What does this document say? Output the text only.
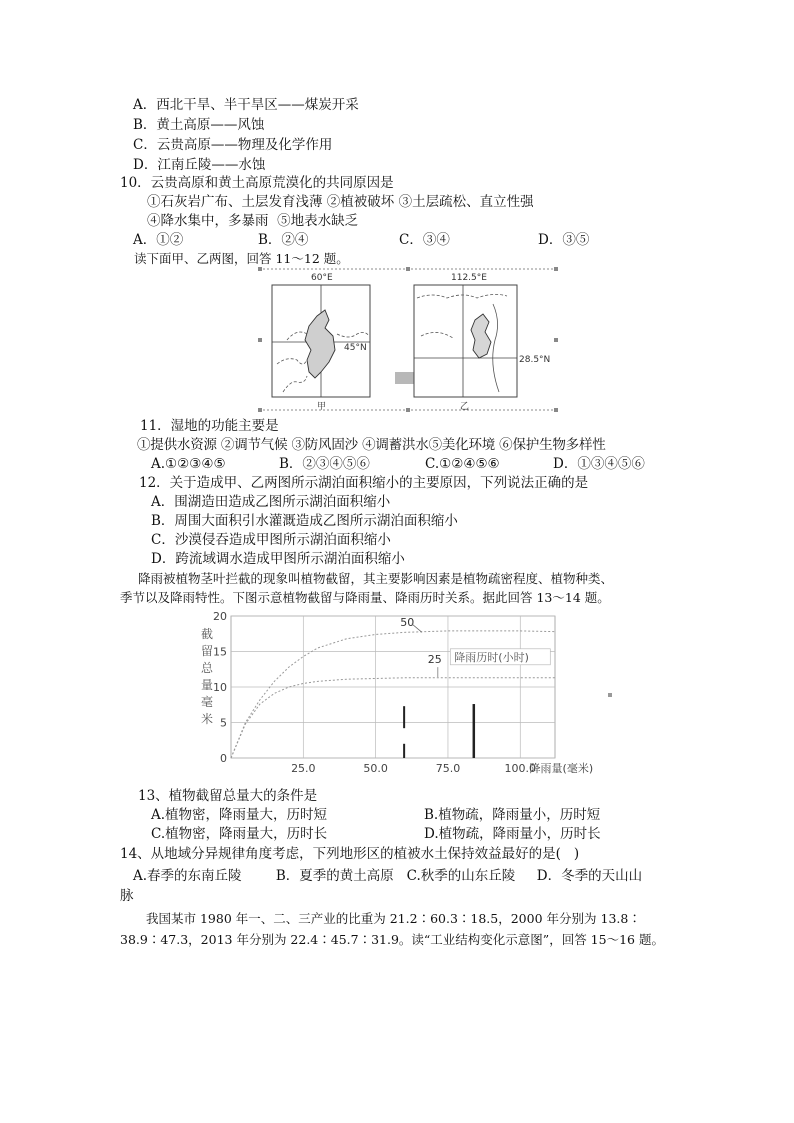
A．西北干旱、半干旱区——煤炭开采
B．黄土高原——风蚀
C．云贵高原——物理及化学作用
D．江南丘陵——水蚀
10．云贵高原和黄土高原荒漠化的共同原因是
①石灰岩广布、土层发育浅薄 ②植被破坏 ③土层疏松、直立性强
④降水集中，多暴雨  ⑤地表水缺乏
A．①②	B．②④	C．③④	D．③⑤
读下面甲、乙两图，回答 11～12 题。
60°E
45°N
甲
112.5°E
28.5°N
乙
11．湿地的功能主要是
①提供水资源 ②调节气候 ③防风固沙 ④调蓄洪水⑤美化环境 ⑥保护生物多样性
A.①②③④⑤	B．②③④⑤⑥	C.①②④⑤⑥	D．①③④⑤⑥
12．关于造成甲、乙两图所示湖泊面积缩小的主要原因，下列说法正确的是
A．围湖造田造成乙图所示湖泊面积缩小
B．周围大面积引水灌溉造成乙图所示湖泊面积缩小
C．沙漠侵吞造成甲图所示湖泊面积缩小
D．跨流域调水造成甲图所示湖泊面积缩小
降雨被植物茎叶拦截的现象叫植物截留，其主要影响因素是植物疏密程度、植物种类、
季节以及降雨特性。下图示意植物截留与降雨量、降雨历时关系。据此回答 13～14 题。
50
25 降雨历时(小时)
0
5
10
15
20
25.0	50.0	75.0	100.0
降雨量(毫米)
截
留
总
量
毫
米
13、植物截留总量大的条件是
A.植物密，降雨量大，历时短	B.植物疏，降雨量小，历时短
C.植物密，降雨量大，历时长	D.植物疏，降雨量小，历时长
14、从地域分异规律角度考虑，下列地形区的植被水土保持效益最好的是(   )
A.春季的东南丘陵        B．夏季的黄土高原   C.秋季的山东丘陵     D．冬季的天山山
脉
我国某市 1980 年一、二、三产业的比重为 21.2∶60.3∶18.5，2000 年分别为 13.8∶
38.9∶47.3，2013 年分别为 22.4∶45.7∶31.9。读“工业结构变化示意图”，回答 15～16 题。
